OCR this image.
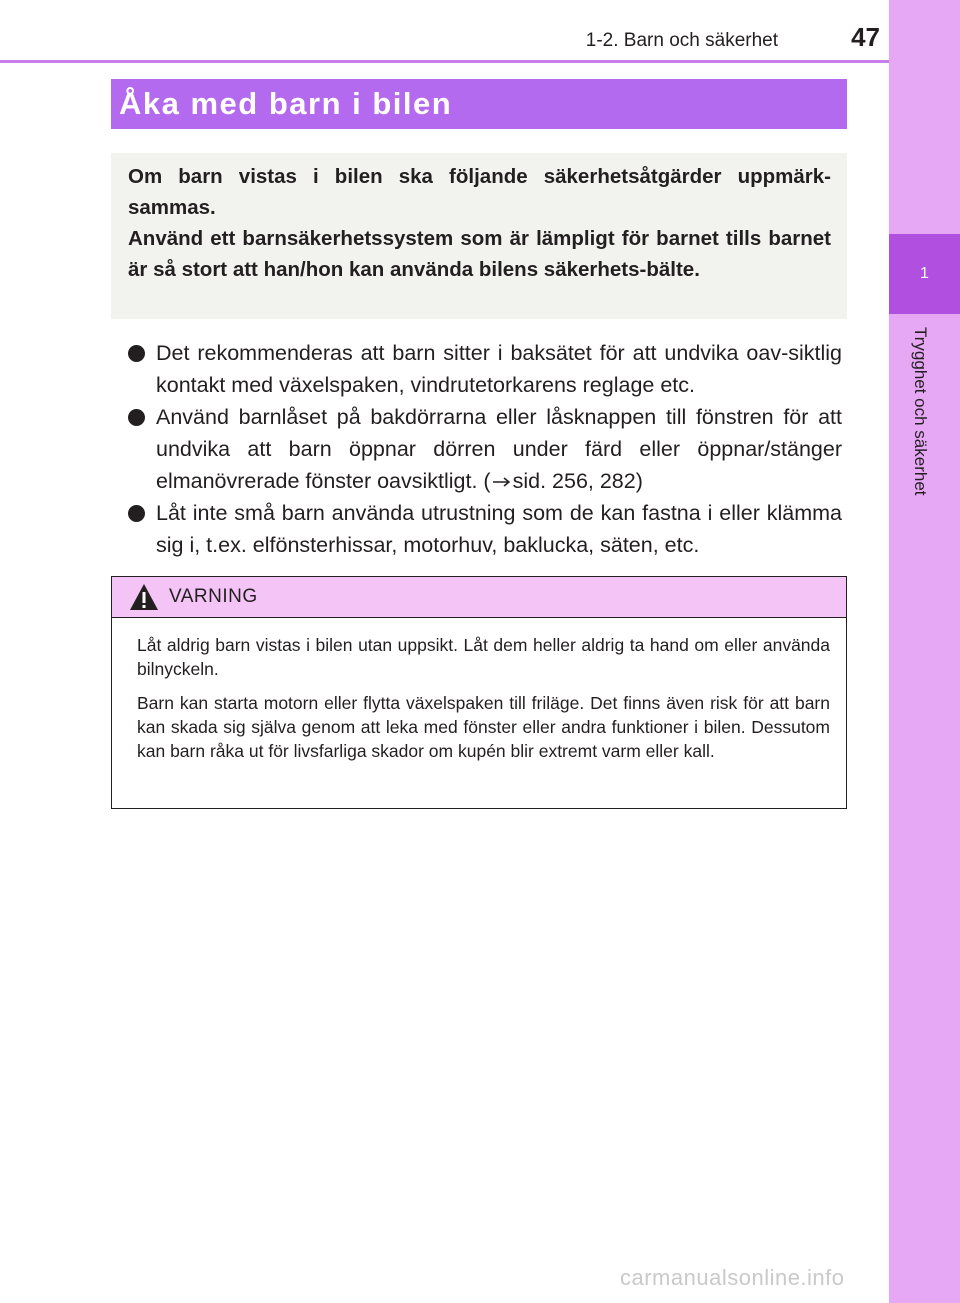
1
Trygghet och säkerhet
1-2. Barn och säkerhet	47
Åka med barn i bilen

Om barn vistas i bilen ska följande säkerhetsåtgärder uppmärk-sammas.

Använd ett barnsäkerhetssystem som är lämpligt för barnet tills barnet är så stort att han/hon kan använda bilens säkerhets-bälte.

Det rekommenderas att barn sitter i baksätet för att undvika oav-siktlig kontakt med växelspaken, vindrutetorkarens reglage etc.
Använd barnlåset på bakdörrarna eller låsknappen till fönstren för att undvika att barn öppnar dörren under färd eller öppnar/stänger elmanövrerade fönster oavsiktligt. ( sid. 256, 282)
Låt inte små barn använda utrustning som de kan fastna i eller klämma sig i, t.ex. elfönsterhissar, motorhuv, baklucka, säten, etc.
VARNING

Låt aldrig barn vistas i bilen utan uppsikt. Låt dem heller aldrig ta hand om eller använda bilnyckeln.

Barn kan starta motorn eller flytta växelspaken till friläge. Det finns även risk för att barn kan skada sig själva genom att leka med fönster eller andra funktioner i bilen. Dessutom kan barn råka ut för livsfarliga skador om kupén blir extremt varm eller kall.

carmanualsonline.info
